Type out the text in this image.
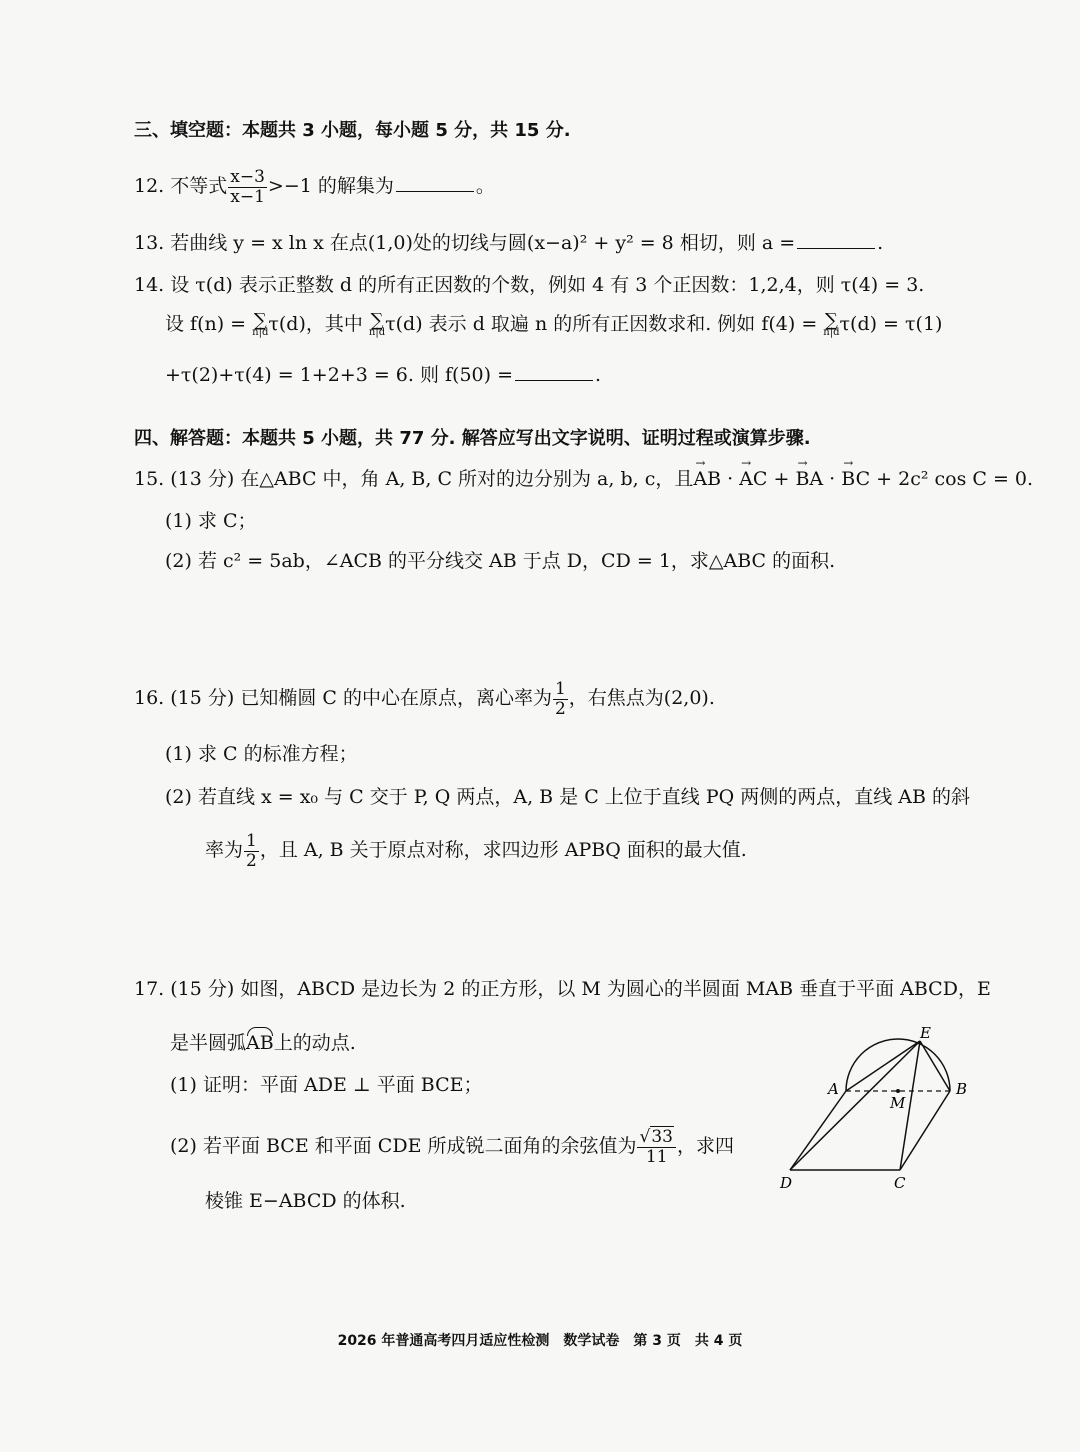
三、填空题：本题共 3 小题，每小题 5 分，共 15 分.
12. 不等式 $\frac{x-3}{x-1} >-1$ 的解集为	。
13. 若曲线 y = x ln x 在点(1,0)处的切线与圆(x−a)² + y² = 8 相切，则 a =	.
14. 设 τ(d) 表示正整数 d 的所有正因数的个数，例如 4 有 3 个正因数：1,2,4，则 τ(4) = 3.
设 f(n) = ∑
n|d τ(d)，其中 ∑
n|d τ(d) 表示 d 取遍 n 的所有正因数求和. 例如 f(4) = ∑
n|d τ(d) = τ(1)
+τ(2)+τ(4) = 1+2+3 = 6. 则 f(50) =	.
四、解答题：本题共 5 小题，共 77 分. 解答应写出文字说明、证明过程或演算步骤.
15. (13 分) 在△ABC 中，角 A, B, C 所对的边分别为 a, b, c，且→ AB · → AC + → BA · → BC + 2c² cos C = 0.
(1) 求 C；
(2) 若 c² = 5ab，∠ACB 的平分线交 AB 于点 D，CD = 1，求△ABC 的面积.
16. (15 分) 已知椭圆 C 的中心在原点，离心率为 $\frac{1}{2}$ ，右焦点为(2,0).
(1) 求 C 的标准方程；
(2) 若直线 x = x₀ 与 C 交于 P, Q 两点，A, B 是 C 上位于直线 PQ 两侧的两点，直线 AB 的斜
率为 $\frac{1}{2}$ ，且 A, B 关于原点对称，求四边形 APBQ 面积的最大值.
17. (15 分) 如图，ABCD 是边长为 2 的正方形，以 M 为圆心的半圆面 MAB 垂直于平面 ABCD，E
是半圆弧AB上的动点.
(1) 证明：平面 ADE ⊥ 平面 BCE；
(2) 若平面 BCE 和平面 CDE 所成锐二面角的余弦值为 $\frac{√33}{11}$ ，求四
棱锥 E−ABCD 的体积.
E
A
M
B
D	C
2026 年普通高考四月适应性检测　数学试卷　第 3 页　共 4 页
